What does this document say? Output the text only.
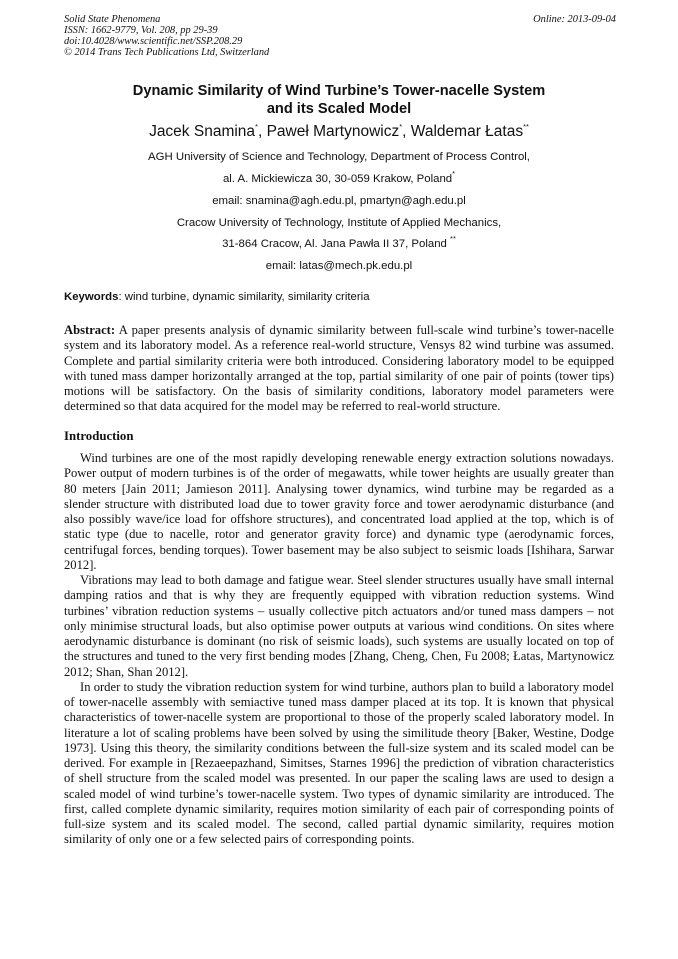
Solid State Phenomena
ISSN: 1662-9779, Vol. 208, pp 29-39
doi:10.4028/www.scientific.net/SSP.208.29
© 2014 Trans Tech Publications Ltd, Switzerland
Online: 2013-09-04
Dynamic Similarity of Wind Turbine’s Tower-nacelle System
and its Scaled Model
Jacek Snamina*, Paweł Martynowicz*, Waldemar Łatas**
AGH University of Science and Technology, Department of Process Control,
al. A. Mickiewicza 30, 30-059 Krakow, Poland*
email: snamina@agh.edu.pl, pmartyn@agh.edu.pl
Cracow University of Technology, Institute of Applied Mechanics,
31-864 Cracow, Al. Jana Pawła II 37, Poland **
email: latas@mech.pk.edu.pl
Keywords: wind turbine, dynamic similarity, similarity criteria
Abstract: A paper presents analysis of dynamic similarity between full-scale wind turbine’s tower-nacelle system and its laboratory model. As a reference real-world structure, Vensys 82 wind turbine was assumed. Complete and partial similarity criteria were both introduced. Considering laboratory model to be equipped with tuned mass damper horizontally arranged at the top, partial similarity of one pair of points (tower tips) motions will be satisfactory. On the basis of similarity conditions, laboratory model parameters were determined so that data acquired for the model may be referred to real-world structure.
Introduction

Wind turbines are one of the most rapidly developing renewable energy extraction solutions nowadays. Power output of modern turbines is of the order of megawatts, while tower heights are usually greater than 80 meters [Jain 2011; Jamieson 2011]. Analysing tower dynamics, wind turbine may be regarded as a slender structure with distributed load due to tower gravity force and tower aerodynamic disturbance (and also possibly wave/ice load for offshore structures), and concentrated load applied at the top, which is of static type (due to nacelle, rotor and generator gravity force) and dynamic type (aerodynamic forces, centrifugal forces, bending torques). Tower basement may be also subject to seismic loads [Ishihara, Sarwar 2012].

Vibrations may lead to both damage and fatigue wear. Steel slender structures usually have small internal damping ratios and that is why they are frequently equipped with vibration reduction systems. Wind turbines’ vibration reduction systems – usually collective pitch actuators and/or tuned mass dampers – not only minimise structural loads, but also optimise power outputs at various wind conditions. On sites where aerodynamic disturbance is dominant (no risk of seismic loads), such systems are usually located on top of the structures and tuned to the very first bending modes [Zhang, Cheng, Chen, Fu 2008; Łatas, Martynowicz 2012; Shan, Shan 2012].

In order to study the vibration reduction system for wind turbine, authors plan to build a laboratory model of tower-nacelle assembly with semiactive tuned mass damper placed at its top. It is known that physical characteristics of tower-nacelle system are proportional to those of the properly scaled laboratory model. In literature a lot of scaling problems have been solved by using the similitude theory [Baker, Westine, Dodge 1973]. Using this theory, the similarity conditions between the full-size system and its scaled model can be derived. For example in [Rezaeepazhand, Simitses, Starnes 1996] the prediction of vibration characteristics of shell structure from the scaled model was presented. In our paper the scaling laws are used to design a scaled model of wind turbine’s tower-nacelle system. Two types of dynamic similarity are introduced. The first, called complete dynamic similarity, requires motion similarity of each pair of corresponding points of full-size system and its scaled model. The second, called partial dynamic similarity, requires motion similarity of only one or a few selected pairs of corresponding points.
